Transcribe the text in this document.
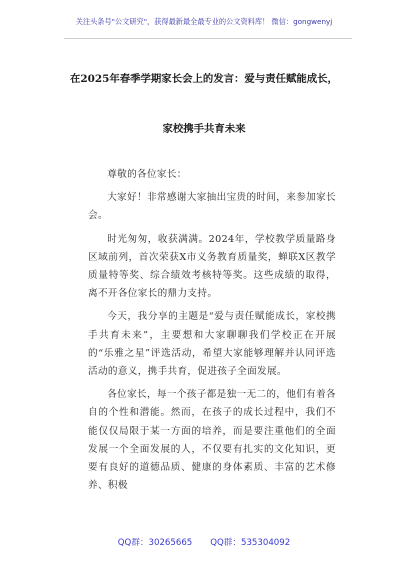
关注头条号"公文研究"，获得最新最全最专业的公文资料库！ 微信：gongwenyj
在2025年春季学期家长会上的发言：爱与责任赋能成长，
家校携手共育未来

尊敬的各位家长：

大家好！非常感谢大家抽出宝贵的时间，来参加家长会。

时光匆匆，收获满满。2024年，学校教学质量路身区域前列，首次荣获X市义务教育质量奖，蝉联X区教学质量特等奖、综合绩效考核特等奖。这些成绩的取得，离不开各位家长的鼎力支持。

今天，我分享的主题是“爱与责任赋能成长，家校携手共育未来”，主要想和大家聊聊我们学校正在开展的“乐雅之星”评选活动，希望大家能够理解并认同评选活动的意义，携手共育，促进孩子全面发展。

各位家长，每一个孩子都是独一无二的，他们有着各自的个性和潜能。然而，在孩子的成长过程中，我们不能仅仅局限于某一方面的培养，而是要注重他们的全面发展一个全面发展的人，不仅要有扎实的文化知识，更要有良好的道德品质、健康的身体素质、丰富的艺术修养、积极

QQ群：30265665 QQ群：535304092
